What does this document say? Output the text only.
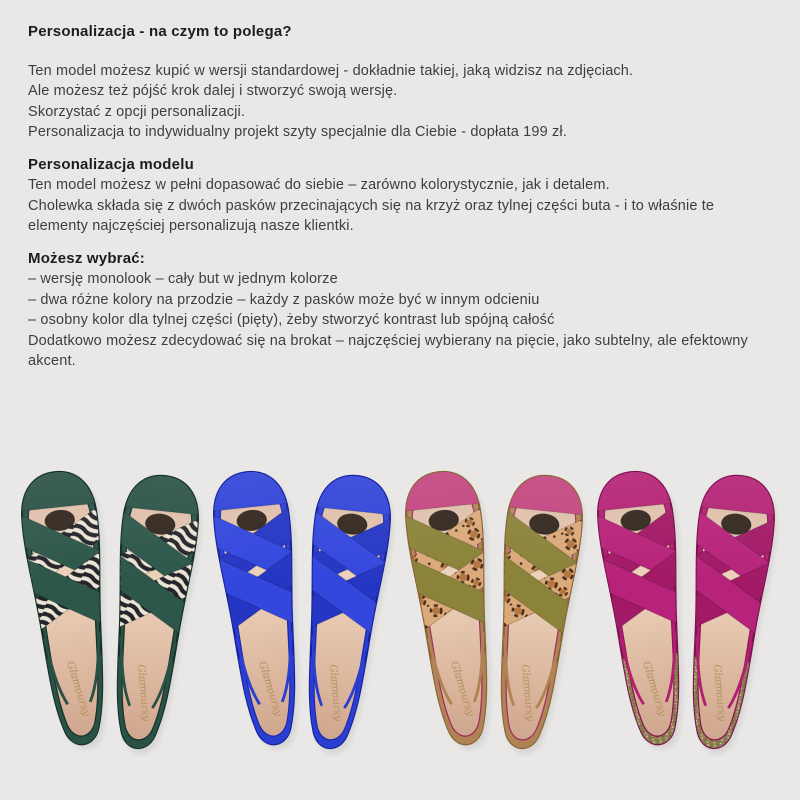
Personalizacja - na czym to polega?

Ten model możesz kupić w wersji standardowej - dokładnie takiej, jaką widzisz na zdjęciach.

Ale możesz też pójść krok dalej i stworzyć swoją wersję.

Skorzystać z opcji personalizacji.

Personalizacja to indywidualny projekt szyty specjalnie dla Ciebie - dopłata 199 zł.

Personalizacja modelu

Ten model możesz w pełni dopasować do siebie – zarówno kolorystycznie, jak i detalem.

Cholewka składa się z dwóch pasków przecinających się na krzyż oraz tylnej części buta - i to właśnie te elementy najczęściej personalizują nasze klientki.

Możesz wybrać:

– wersję monolook – cały but w jednym kolorze

– dwa różne kolory na przodzie – każdy z pasków może być w innym odcieniu

– osobny kolor dla tylnej części (pięty), żeby stworzyć kontrast lub spójną całość

Dodatkowo możesz zdecydować się na brokat – najczęściej wybierany na pięcie, jako subtelny, ale efektowny akcent.
